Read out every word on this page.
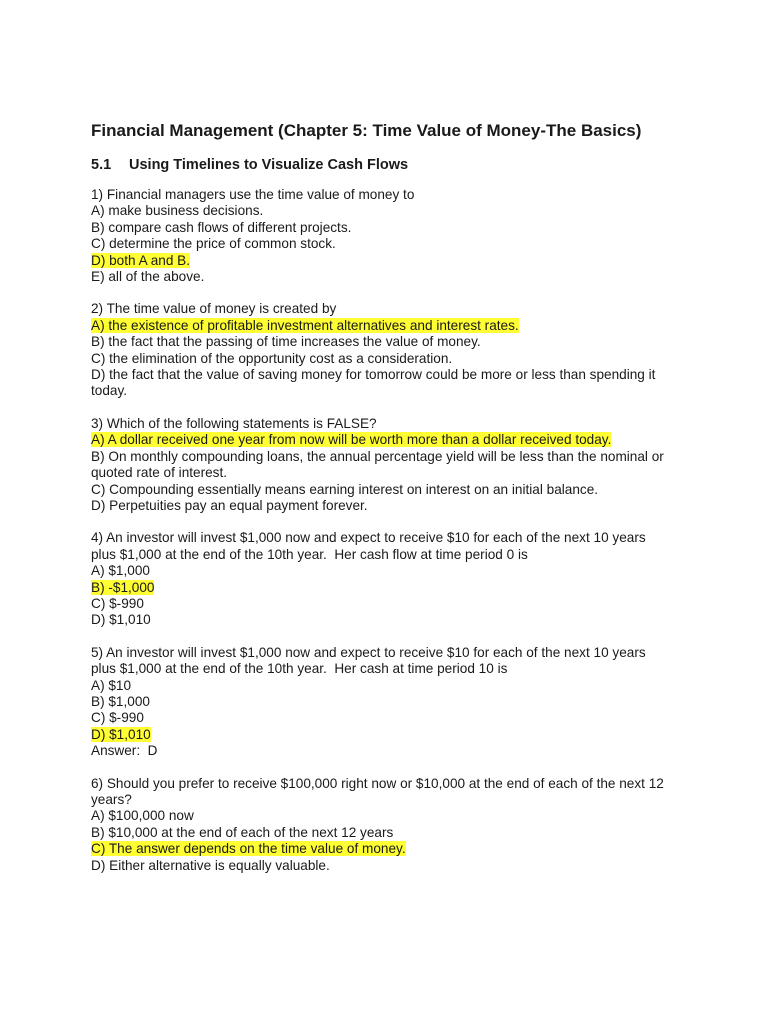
Financial Management (Chapter 5: Time Value of Money-The Basics)
5.1	Using Timelines to Visualize Cash Flows
1) Financial managers use the time value of money to
A) make business decisions.
B) compare cash flows of different projects.
C) determine the price of common stock.
D) both A and B.
E) all of the above.
2) The time value of money is created by
A) the existence of profitable investment alternatives and interest rates.
B) the fact that the passing of time increases the value of money.
C) the elimination of the opportunity cost as a consideration.
D) the fact that the value of saving money for tomorrow could be more or less than spending it
today.
3) Which of the following statements is FALSE?
A) A dollar received one year from now will be worth more than a dollar received today.
B) On monthly compounding loans, the annual percentage yield will be less than the nominal or
quoted rate of interest.
C) Compounding essentially means earning interest on interest on an initial balance.
D) Perpetuities pay an equal payment forever.
4) An investor will invest $1,000 now and expect to receive $10 for each of the next 10 years
plus $1,000 at the end of the 10th year.  Her cash flow at time period 0 is
A) $1,000
B) -$1,000
C) $-990
D) $1,010
5) An investor will invest $1,000 now and expect to receive $10 for each of the next 10 years
plus $1,000 at the end of the 10th year.  Her cash at time period 10 is
A) $10
B) $1,000
C) $-990
D) $1,010
Answer:  D
6) Should you prefer to receive $100,000 right now or $10,000 at the end of each of the next 12
years?
A) $100,000 now
B) $10,000 at the end of each of the next 12 years
C) The answer depends on the time value of money.
D) Either alternative is equally valuable.
